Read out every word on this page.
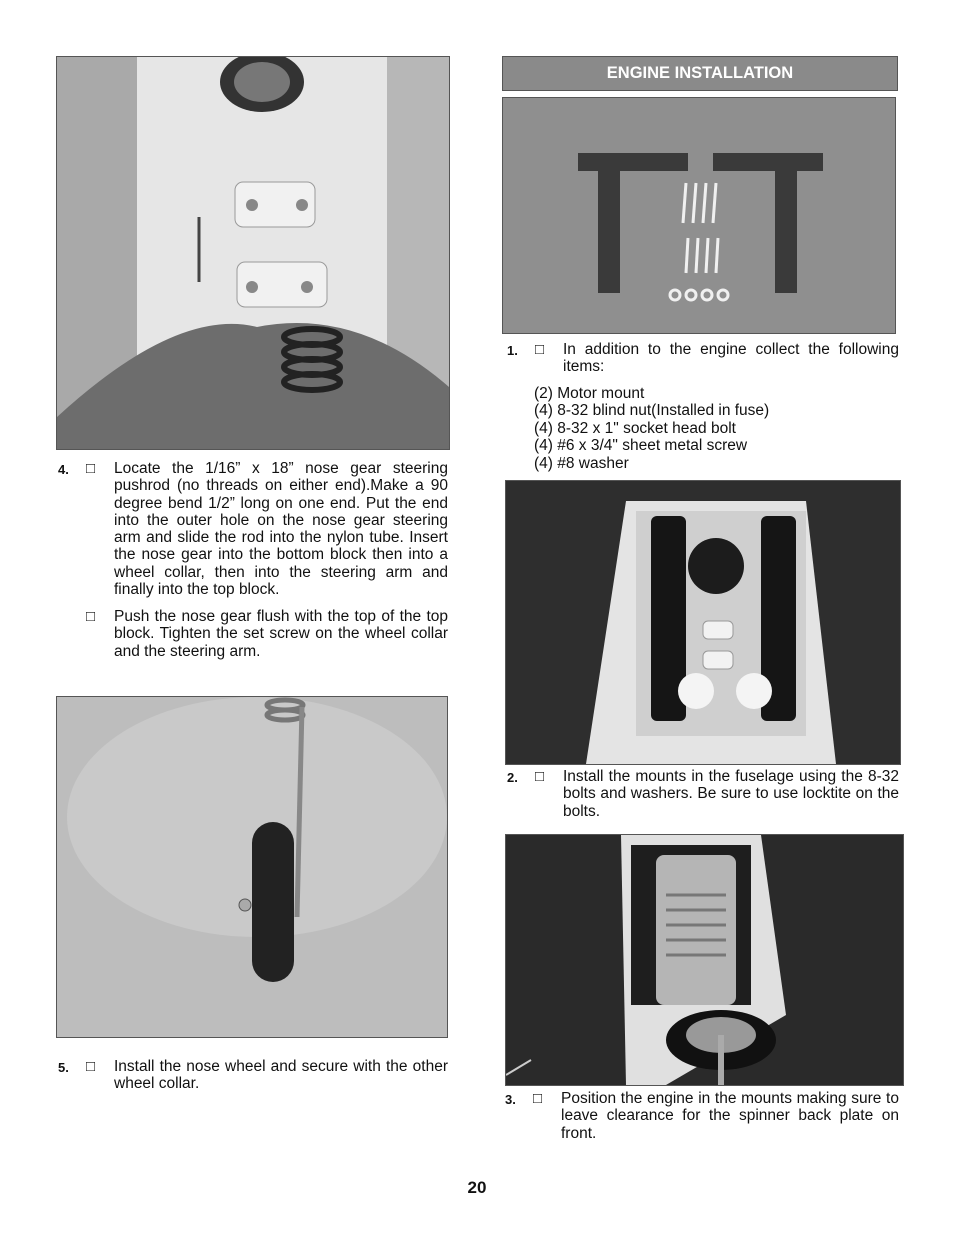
4. □ Locate the 1/16” x 18” nose gear steering pushrod (no threads on either end).Make a 90 degree bend 1/2” long on one end. Put the end into the outer hole on the nose gear steering arm and slide the rod into the nylon tube. Insert the nose gear into the bottom block then into a wheel collar, then into the steering arm and finally into the top block.
□ Push the nose gear flush with the top of the top block. Tighten the set screw on the wheel collar and the steering arm.
5. □ Install the nose wheel and secure with the other wheel collar.
ENGINE INSTALLATION
1. □ In addition to the engine collect the following items:
(2) Motor mount
(4) 8-32 blind nut(Installed in fuse)
(4) 8-32 x 1" socket head bolt
(4) #6 x 3/4" sheet metal screw
(4) #8 washer
2. □ Install the mounts in the fuselage using the 8-32 bolts and washers. Be sure to use locktite on the bolts.
3. □ Position the engine in the mounts making sure to leave clearance for the spinner back plate on front.
20
